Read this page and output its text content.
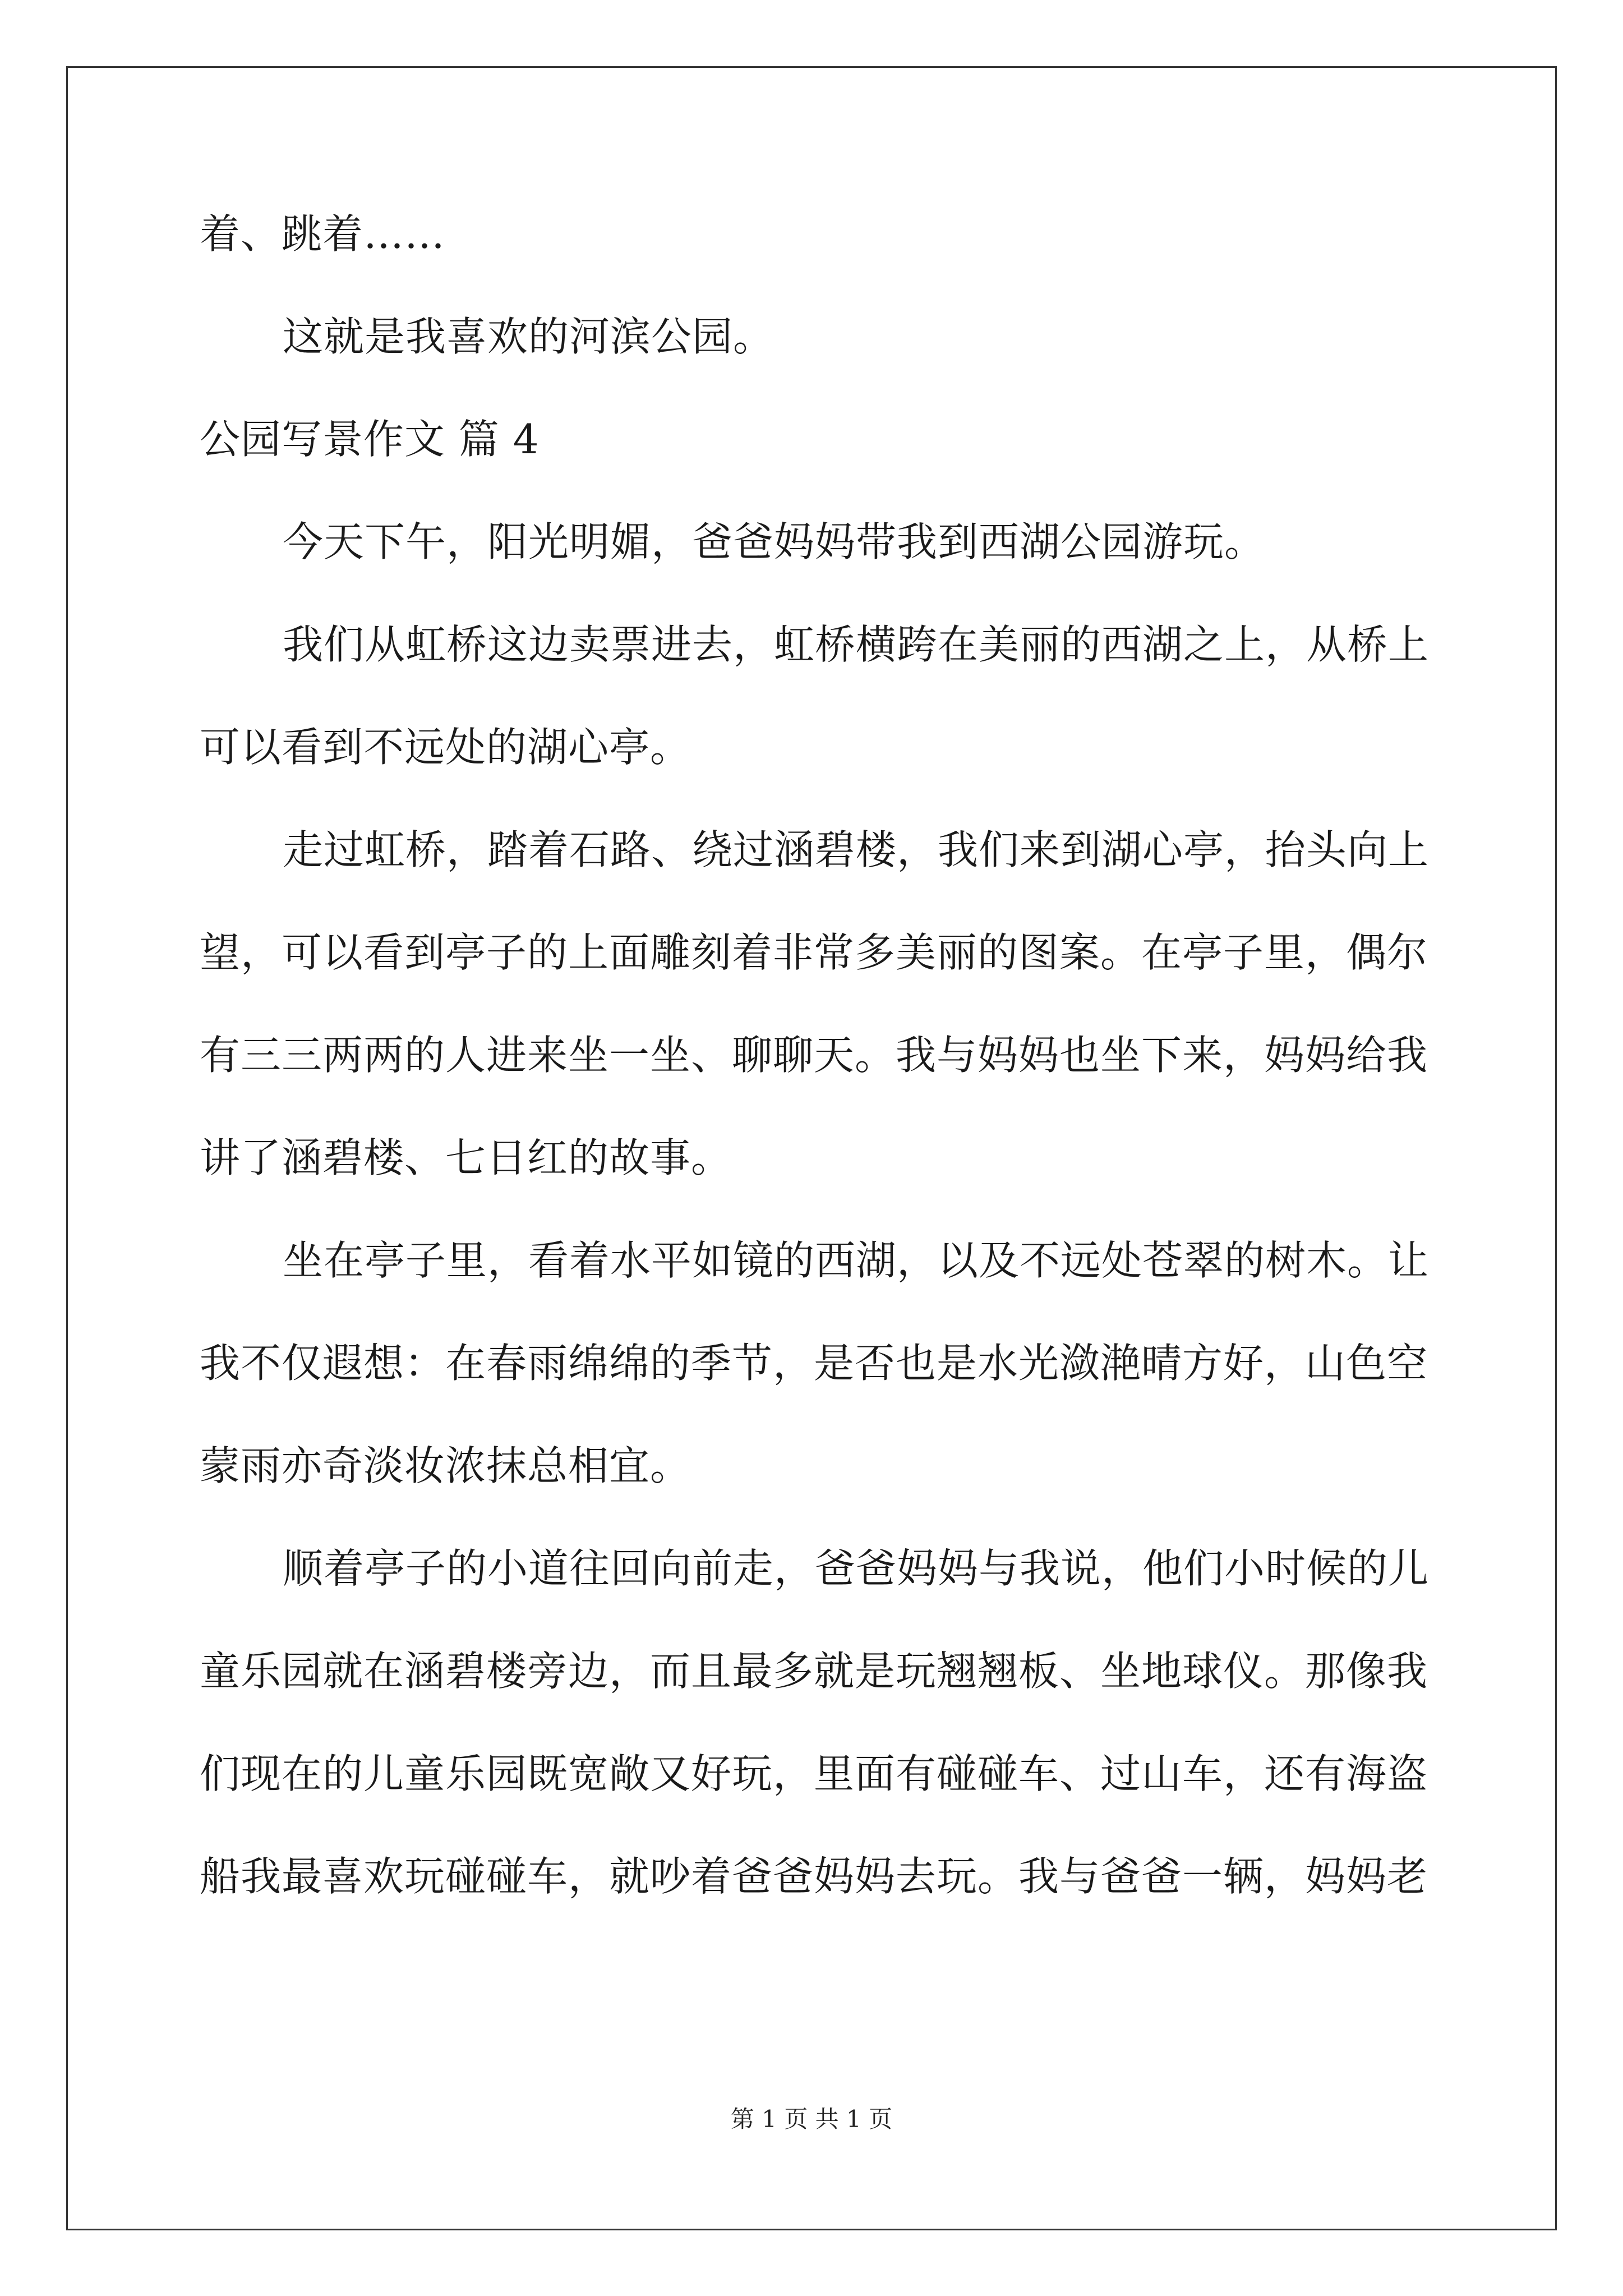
着、跳着……
这就是我喜欢的河滨公园。
公园写景作文 篇 4
今天下午，阳光明媚，爸爸妈妈带我到西湖公园游玩。
我们从虹桥这边卖票进去，虹桥横跨在美丽的西湖之上，从桥上
可以看到不远处的湖心亭。
走过虹桥，踏着石路、绕过涵碧楼，我们来到湖心亭，抬头向上
望，可以看到亭子的上面雕刻着非常多美丽的图案。在亭子里，偶尔
有三三两两的人进来坐一坐、聊聊天。我与妈妈也坐下来，妈妈给我
讲了涵碧楼、七日红的故事。
坐在亭子里，看着水平如镜的西湖，以及不远处苍翠的树木。让
我不仅遐想：在春雨绵绵的季节，是否也是水光潋滟晴方好，山色空
蒙雨亦奇淡妆浓抹总相宜。
顺着亭子的小道往回向前走，爸爸妈妈与我说，他们小时候的儿
童乐园就在涵碧楼旁边，而且最多就是玩翘翘板、坐地球仪。那像我
们现在的儿童乐园既宽敞又好玩，里面有碰碰车、过山车，还有海盗
船我最喜欢玩碰碰车，就吵着爸爸妈妈去玩。我与爸爸一辆，妈妈老
第 1 页 共 1 页
